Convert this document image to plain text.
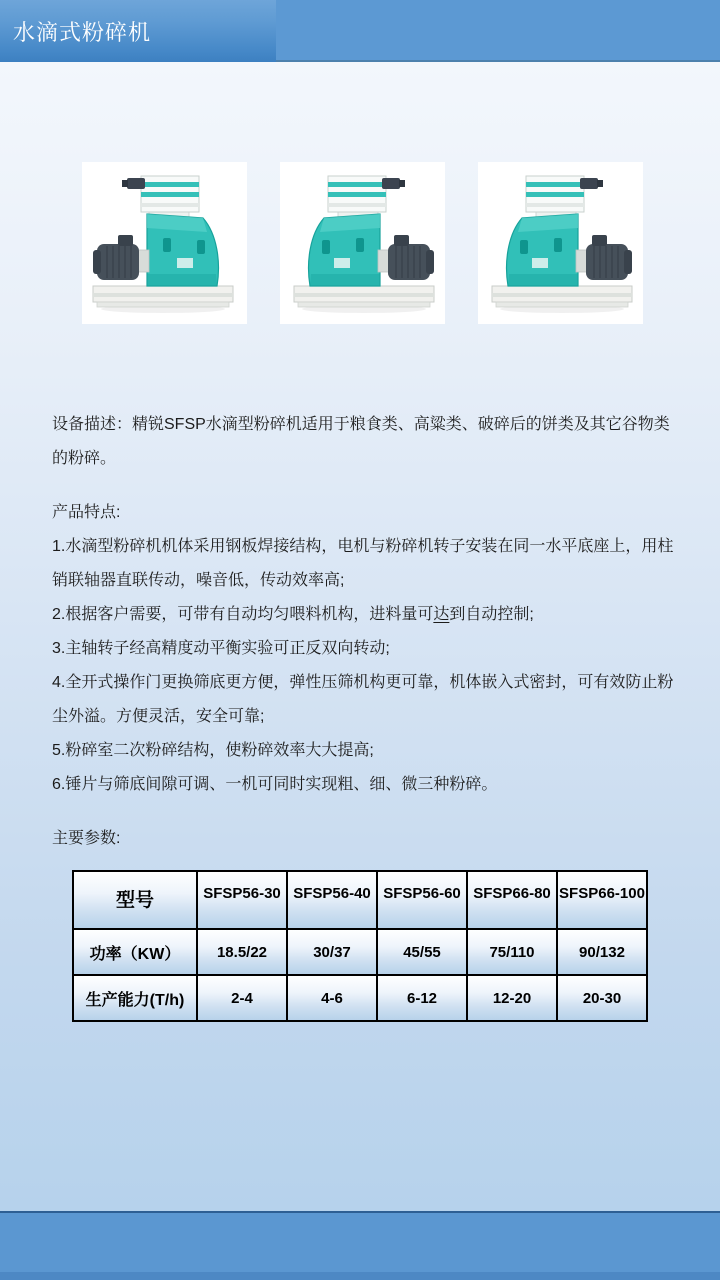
水滴式粉碎机

设备描述：精锐SFSP水滴型粉碎机适用于粮食类、高粱类、破碎后的饼类及其它谷物类的粉碎。

产品特点:

1.水滴型粉碎机机体采用钢板焊接结构，电机与粉碎机转子安装在同一水平底座上，用柱销联轴器直联传动，噪音低，传动效率高;

2.根据客户需要，可带有自动均匀喂料机构，进料量可达到自动控制;

3.主轴转子经高精度动平衡实验可正反双向转动;

4.全开式操作门更换筛底更方便，弹性压筛机构更可靠，机体嵌入式密封，可有效防止粉尘外溢。方便灵活，安全可靠;

5.粉碎室二次粉碎结构，使粉碎效率大大提高;

6.锤片与筛底间隙可调、一机可同时实现粗、细、微三种粉碎。

主要参数:

型号	SFSP56-30	SFSP56-40	SFSP56-60	SFSP66-80	SFSP66-100
功率（KW）	18.5/22	30/37	45/55	75/110	90/132
生产能力(T/h)	2-4	4-6	6-12	12-20	20-30
